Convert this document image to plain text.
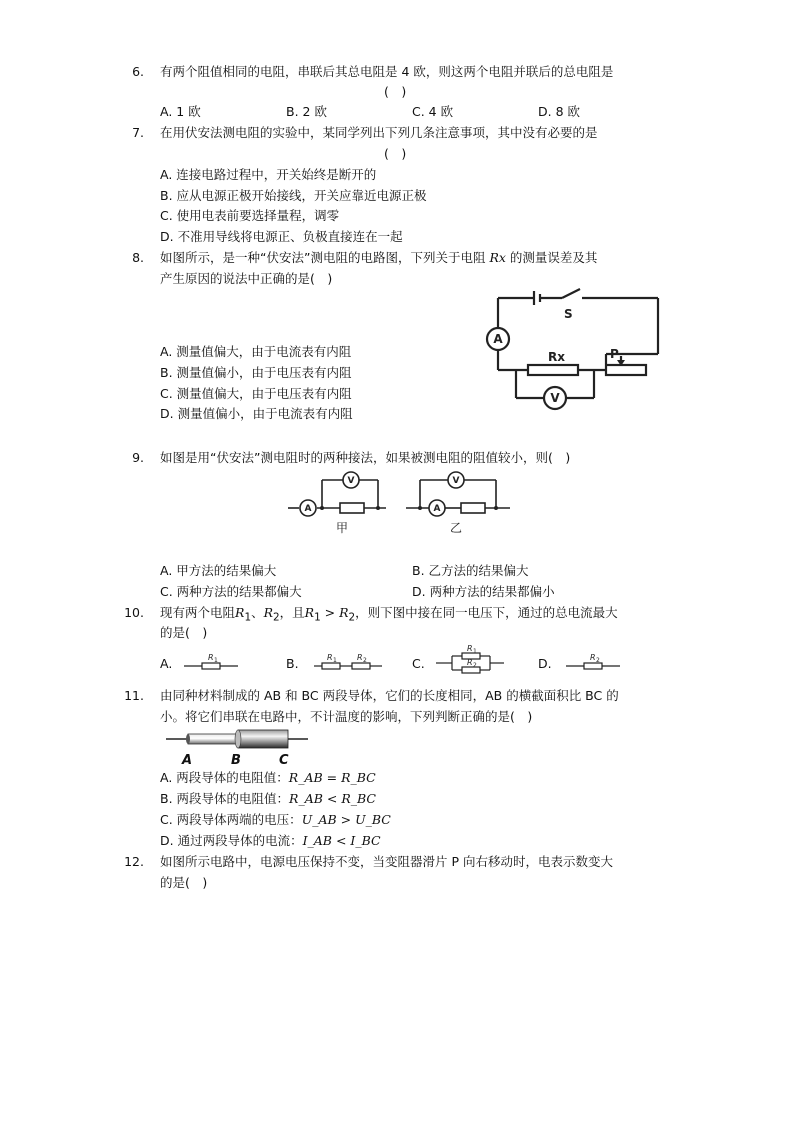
6. 有两个阻值相同的电阻，串联后其总电阻是 4 欧，则这两个电阻并联后的总电阻是
(　)
A. 1 欧	B. 2 欧	C. 4 欧	D. 8 欧
7. 在用伏安法测电阻的实验中，某同学列出下列几条注意事项，其中没有必要的是
(　)
A. 连接电路过程中，开关始终是断开的
B. 应从电源正极开始接线，开关应靠近电源正极
C. 使用电表前要选择量程，调零
D. 不准用导线将电源正、负极直接连在一起
8. 如图所示，是一种“伏安法”测电阻的电路图，下列关于电阻 Rx 的测量误差及其
产生原因的说法中正确的是(　)
A. 测量值偏大，由于电流表有内阻
B. 测量值偏小，由于电压表有内阻
C. 测量值偏大，由于电压表有内阻
D. 测量值偏小，由于电流表有内阻
A
V
S
Rx	P
9. 如图是用“伏安法”测电阻时的两种接法，如果被测电阻的阻值较小，则(　)
A
V
A
V
甲	乙
A. 甲方法的结果偏大	B. 乙方法的结果偏大
C. 两种方法的结果都偏大	D. 两种方法的结果都偏小
10. 现有两个电阻$R_1$、$R_2$，且$R_1 > R_2$，则下图中接在同一电压下，通过的总电流最大
的是(　)
A.	B.	C.	D.
R 1	R 1	R 2
R 1
R 2
R 2
11. 由同种材料制成的 AB 和 BC 两段导体，它们的长度相同，AB 的横截面积比 BC 的
小。将它们串联在电路中，不计温度的影响，下列判断正确的是(　)
A	B	C
A. 两段导体的电阻值：R_AB = R_BC
B. 两段导体的电阻值：R_AB < R_BC
C. 两段导体两端的电压：U_AB > U_BC
D. 通过两段导体的电流：I_AB < I_BC
12. 如图所示电路中，电源电压保持不变，当变阻器滑片 P 向右移动时，电表示数变大
的是(　)
